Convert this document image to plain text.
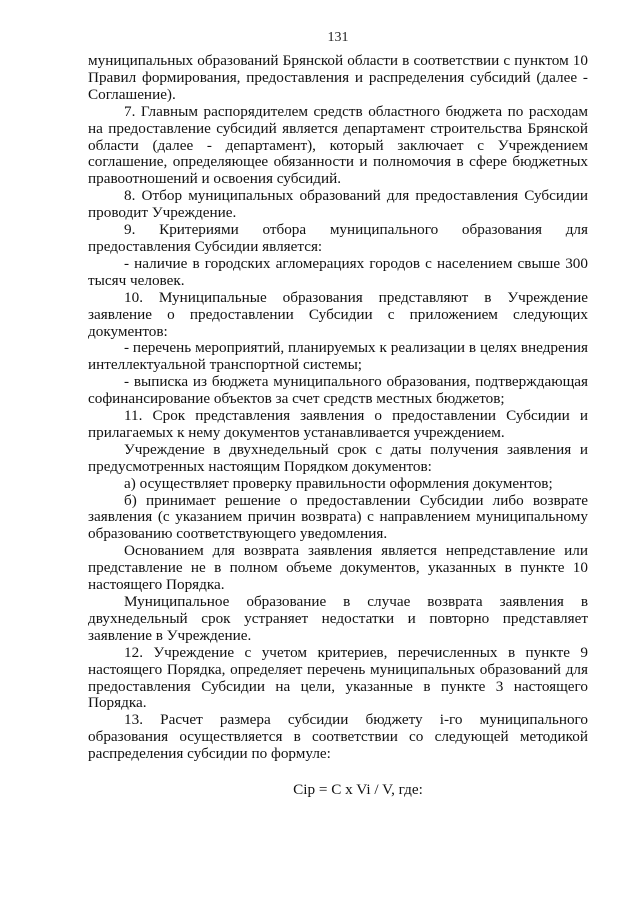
131

муниципальных образований Брянской области в соответствии с пунктом 10 Правил формирования, предоставления и распределения субсидий (далее - Соглашение).

7. Главным распорядителем средств областного бюджета по расходам на предоставление субсидий является департамент строительства Брянской области (далее - департамент), который заключает с Учреждением соглашение, определяющее обязанности и полномочия в сфере бюджетных правоотношений и освоения субсидий.

8. Отбор муниципальных образований для предоставления Субсидии проводит Учреждение.

9. Критериями отбора муниципального образования для предоставления Субсидии является:

- наличие в городских агломерациях городов с населением свыше 300 тысяч человек.

10. Муниципальные образования представляют в Учреждение заявление о предоставлении Субсидии с приложением следующих документов:

- перечень мероприятий, планируемых к реализации в целях внедрения интеллектуальной транспортной системы;

- выписка из бюджета муниципального образования, подтверждающая софинансирование объектов за счет средств местных бюджетов;

11. Срок представления заявления о предоставлении Субсидии и прилагаемых к нему документов устанавливается учреждением.

Учреждение в двухнедельный срок с даты получения заявления и предусмотренных настоящим Порядком документов:

а) осуществляет проверку правильности оформления документов;

б) принимает решение о предоставлении Субсидии либо возврате заявления (с указанием причин возврата) с направлением муниципальному образованию соответствующего уведомления.

Основанием для возврата заявления является непредставление или представление не в полном объеме документов, указанных в пункте 10 настоящего Порядка.

Муниципальное образование в случае возврата заявления в двухнедельный срок устраняет недостатки и повторно представляет заявление в Учреждение.

12. Учреждение с учетом критериев, перечисленных в пункте 9 настоящего Порядка, определяет перечень муниципальных образований для предоставления Субсидии на цели, указанные в пункте 3 настоящего Порядка.

13. Расчет размера субсидии бюджету i-го муниципального образования осуществляется в соответствии со следующей методикой распределения субсидии по формуле:

Ciр = C x Vi / V, где:
